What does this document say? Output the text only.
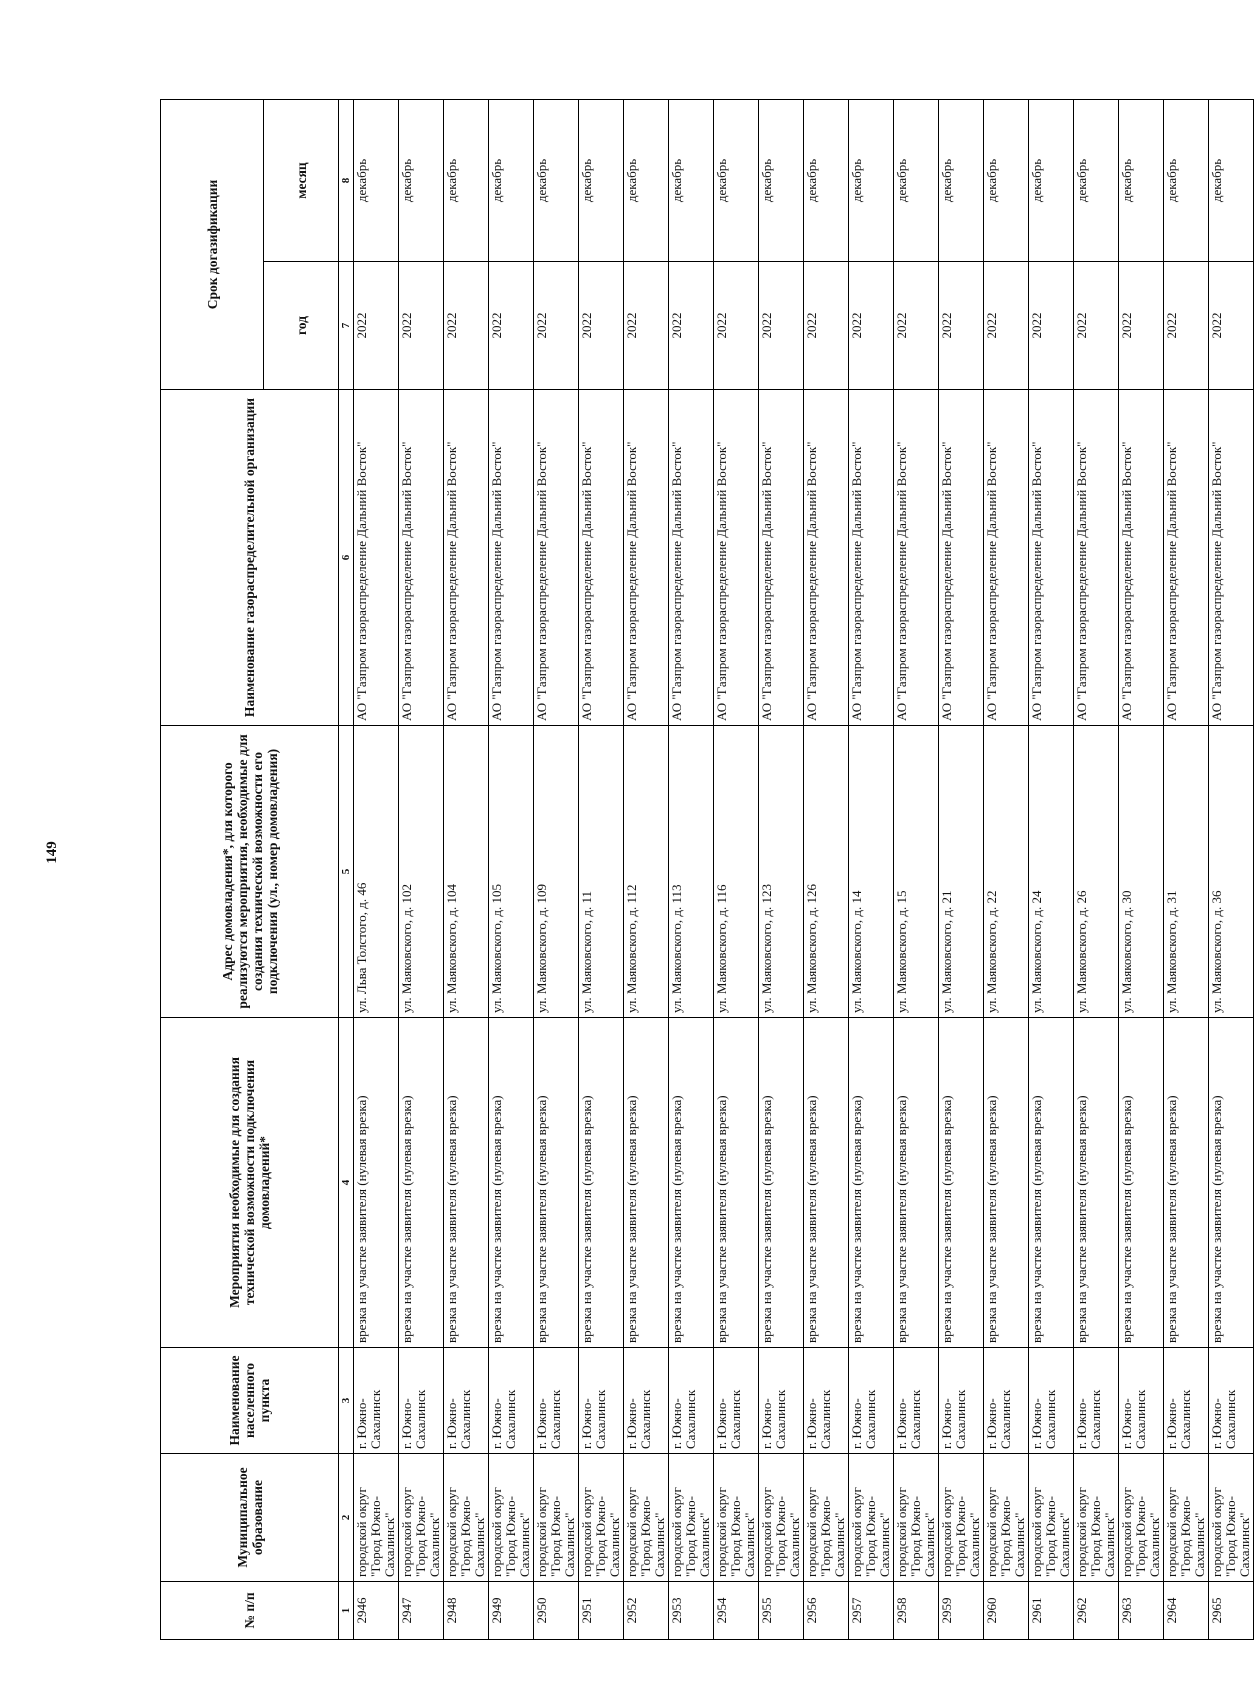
149
№ п/п	Муниципальное образование	Наименование населенного пункта	Мероприятия необходимые для создания технической возможности подключения домовладений*	Адрес домовладения*, для которого реализуются мероприятия, необходимые для создания технической возможности его подключения (ул., номер домовладения)	Наименование газораспределительной организации	Срок догазификации	
						год	месяц
1	2	3	4	5	6	7	8
2946	городской округ "Город Южно-Сахалинск"	г. Южно-Сахалинск	врезка на участке заявителя (нулевая врезка)	ул. Льва Толстого, д. 46	АО "Газпром газораспределение Дальний Восток"	2022	декабрь
2947	городской округ "Город Южно-Сахалинск"	г. Южно-Сахалинск	врезка на участке заявителя (нулевая врезка)	ул. Маяковского, д. 102	АО "Газпром газораспределение Дальний Восток"	2022	декабрь
2948	городской округ "Город Южно-Сахалинск"	г. Южно-Сахалинск	врезка на участке заявителя (нулевая врезка)	ул. Маяковского, д. 104	АО "Газпром газораспределение Дальний Восток"	2022	декабрь
2949	городской округ "Город Южно-Сахалинск"	г. Южно-Сахалинск	врезка на участке заявителя (нулевая врезка)	ул. Маяковского, д. 105	АО "Газпром газораспределение Дальний Восток"	2022	декабрь
2950	городской округ "Город Южно-Сахалинск"	г. Южно-Сахалинск	врезка на участке заявителя (нулевая врезка)	ул. Маяковского, д. 109	АО "Газпром газораспределение Дальний Восток"	2022	декабрь
2951	городской округ "Город Южно-Сахалинск"	г. Южно-Сахалинск	врезка на участке заявителя (нулевая врезка)	ул. Маяковского, д. 11	АО "Газпром газораспределение Дальний Восток"	2022	декабрь
2952	городской округ "Город Южно-Сахалинск"	г. Южно-Сахалинск	врезка на участке заявителя (нулевая врезка)	ул. Маяковского, д. 112	АО "Газпром газораспределение Дальний Восток"	2022	декабрь
2953	городской округ "Город Южно-Сахалинск"	г. Южно-Сахалинск	врезка на участке заявителя (нулевая врезка)	ул. Маяковского, д. 113	АО "Газпром газораспределение Дальний Восток"	2022	декабрь
2954	городской округ "Город Южно-Сахалинск"	г. Южно-Сахалинск	врезка на участке заявителя (нулевая врезка)	ул. Маяковского, д. 116	АО "Газпром газораспределение Дальний Восток"	2022	декабрь
2955	городской округ "Город Южно-Сахалинск"	г. Южно-Сахалинск	врезка на участке заявителя (нулевая врезка)	ул. Маяковского, д. 123	АО "Газпром газораспределение Дальний Восток"	2022	декабрь
2956	городской округ "Город Южно-Сахалинск"	г. Южно-Сахалинск	врезка на участке заявителя (нулевая врезка)	ул. Маяковского, д. 126	АО "Газпром газораспределение Дальний Восток"	2022	декабрь
2957	городской округ "Город Южно-Сахалинск"	г. Южно-Сахалинск	врезка на участке заявителя (нулевая врезка)	ул. Маяковского, д. 14	АО "Газпром газораспределение Дальний Восток"	2022	декабрь
2958	городской округ "Город Южно-Сахалинск"	г. Южно-Сахалинск	врезка на участке заявителя (нулевая врезка)	ул. Маяковского, д. 15	АО "Газпром газораспределение Дальний Восток"	2022	декабрь
2959	городской округ "Город Южно-Сахалинск"	г. Южно-Сахалинск	врезка на участке заявителя (нулевая врезка)	ул. Маяковского, д. 21	АО "Газпром газораспределение Дальний Восток"	2022	декабрь
2960	городской округ "Город Южно-Сахалинск"	г. Южно-Сахалинск	врезка на участке заявителя (нулевая врезка)	ул. Маяковского, д. 22	АО "Газпром газораспределение Дальний Восток"	2022	декабрь
2961	городской округ "Город Южно-Сахалинск"	г. Южно-Сахалинск	врезка на участке заявителя (нулевая врезка)	ул. Маяковского, д. 24	АО "Газпром газораспределение Дальний Восток"	2022	декабрь
2962	городской округ "Город Южно-Сахалинск"	г. Южно-Сахалинск	врезка на участке заявителя (нулевая врезка)	ул. Маяковского, д. 26	АО "Газпром газораспределение Дальний Восток"	2022	декабрь
2963	городской округ "Город Южно-Сахалинск"	г. Южно-Сахалинск	врезка на участке заявителя (нулевая врезка)	ул. Маяковского, д. 30	АО "Газпром газораспределение Дальний Восток"	2022	декабрь
2964	городской округ "Город Южно-Сахалинск"	г. Южно-Сахалинск	врезка на участке заявителя (нулевая врезка)	ул. Маяковского, д. 31	АО "Газпром газораспределение Дальний Восток"	2022	декабрь
2965	городской округ "Город Южно-Сахалинск"	г. Южно-Сахалинск	врезка на участке заявителя (нулевая врезка)	ул. Маяковского, д. 36	АО "Газпром газораспределение Дальний Восток"	2022	декабрь
